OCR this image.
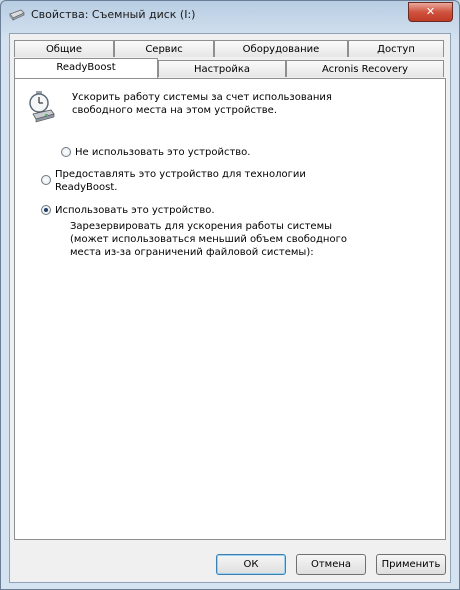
Свойства: Съемный диск (I:)	✕
Общие	Сервис	Оборудование	Доступ
ReadyBoost	Настройка	Acronis Recovery
Ускорить работу системы за счет использования
свободного места на этом устройстве.
Не использовать это устройство.
Предоставлять это устройство для технологии
ReadyBoost.
Использовать это устройство.
Зарезервировать для ускорения работы системы
(может использоваться меньший объем свободного
места из-за ограничений файловой системы):
ОК	Отмена	Применить
